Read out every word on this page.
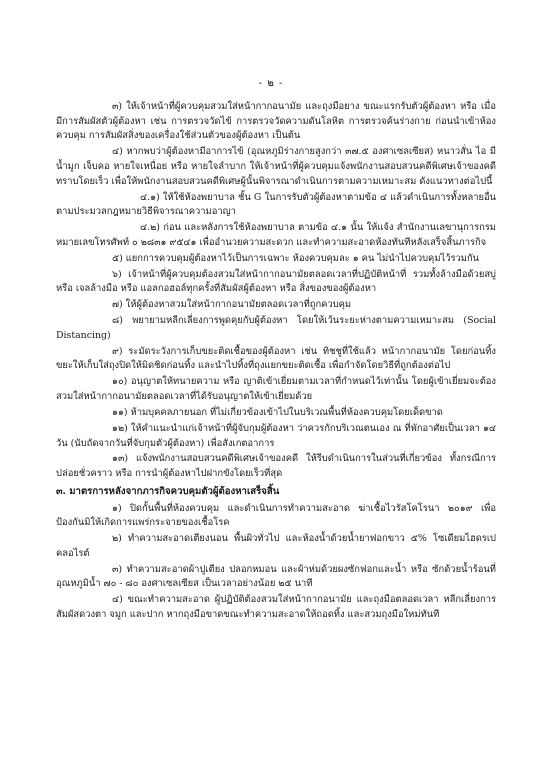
- ๒ -

๓) ให้เจ้าหน้าที่ผู้ควบคุมสวมใส่หน้ากากอนามัย และถุงมือยาง ขณะแรกรับตัวผู้ต้องหา หรือ เมื่อมีการสัมผัสตัวผู้ต้องหา เช่น การตรวจวัดไข้ การตรวจวัดความดันโลหิต การตรวจค้นร่างกาย ก่อนนำเข้าห้องควบคุม การสัมผัสสิ่งของเครื่องใช้ส่วนตัวของผู้ต้องหา เป็นต้น

๔) หากพบว่าผู้ต้องหามีอาการไข้ (อุณหภูมิร่างกายสูงกว่า ๓๗.๕ องศาเซลเซียส) หนาวสั่น ไอ มีน้ำมูก เจ็บคอ หายใจเหนื่อย หรือ หายใจลำบาก ให้เจ้าหน้าที่ผู้ควบคุมแจ้งพนักงานสอบสวนคดีพิเศษเจ้าของคดีทราบโดยเร็ว เพื่อให้พนักงานสอบสวนคดีพิเศษผู้นั้นพิจารณาดำเนินการตามความเหมาะสม ดังแนวทางต่อไปนี้

๔.๑) ให้ใช้ห้องพยาบาล ชั้น G ในการรับตัวผู้ต้องหาตามข้อ ๔ แล้วดำเนินการทั้งหลายอื่นตามประมวลกฎหมายวิธีพิจารณาความอาญา

๔.๒) ก่อน และหลังการใช้ห้องพยาบาล ตามข้อ ๔.๑ นั้น ให้แจ้ง สำนักงานเลขานุการกรม หมายเลขโทรศัพท์ ๐ ๒๘๓๑ ๙๕๔๑ เพื่ออำนวยความสะดวก และทำความสะอาดห้องทันทีหลังเสร็จสิ้นภารกิจ

๕) แยกการควบคุมผู้ต้องหาไว้เป็นการเฉพาะ ห้องควบคุมละ ๑ คน ไม่นำไปควบคุมไว้รวมกัน

๖) เจ้าหน้าที่ผู้ควบคุมต้องสวมใส่หน้ากากอนามัยตลอดเวลาที่ปฏิบัติหน้าที่ รวมทั้งล้างมือด้วยสบู่ หรือ เจลล้างมือ หรือ แอลกอฮอล์ทุกครั้งที่สัมผัสผู้ต้องหา หรือ สิ่งของของผู้ต้องหา

๗) ให้ผู้ต้องหาสวมใส่หน้ากากอนามัยตลอดเวลาที่ถูกควบคุม

๘) พยายามหลีกเลี่ยงการพูดคุยกับผู้ต้องหา โดยให้เว้นระยะห่างตามความเหมาะสม (Social Distancing)

๙) ระมัดระวังการเก็บขยะติดเชื้อของผู้ต้องหา เช่น ทิชชูที่ใช้แล้ว หน้ากากอนามัย โดยก่อนทิ้งขยะให้เก็บใส่ถุงปิดให้มิดชิดก่อนทิ้ง และนำไปทิ้งที่ถุงแยกขยะติดเชื้อ เพื่อกำจัดโดยวิธีที่ถูกต้องต่อไป

๑๐) อนุญาตให้ทนายความ หรือ ญาติเข้าเยี่ยมตามเวลาที่กำหนดไว้เท่านั้น โดยผู้เข้าเยี่ยมจะต้องสวมใส่หน้ากากอนามัยตลอดเวลาที่ได้รับอนุญาตให้เข้าเยี่ยมด้วย

๑๑) ห้ามบุคคลภายนอก ที่ไม่เกี่ยวข้องเข้าไปในบริเวณพื้นที่ห้องควบคุมโดยเด็ดขาด

๑๒) ให้คำแนะนำแก่เจ้าหน้าที่ผู้จับกุมผู้ต้องหา ว่าควรกักบริเวณตนเอง ณ ที่พักอาศัยเป็นเวลา ๑๔ วัน (นับถัดจากวันที่จับกุมตัวผู้ต้องหา) เพื่อสังเกตอาการ

๑๓) แจ้งพนักงานสอบสวนคดีพิเศษเจ้าของคดี ให้รีบดำเนินการในส่วนที่เกี่ยวข้อง ทั้งกรณีการปล่อยชั่วคราว หรือ การนำผู้ต้องหาไปฝากขังโดยเร็วที่สุด

๓. มาตรการหลังจากภารกิจควบคุมตัวผู้ต้องหาเสร็จสิ้น

๑) ปิดกั้นพื้นที่ห้องควบคุม และดำเนินการทำความสะอาด ฆ่าเชื้อไวรัสโคโรนา ๒๐๑๙ เพื่อป้องกันมิให้เกิดการแพร่กระจายของเชื้อโรค

๒) ทำความสะอาดเตียงนอน พื้นผิวทั่วไป และห้องน้ำด้วยน้ำยาฟอกขาว ๕% โซเดียมไฮดรเปคลอไรต์

๓) ทำความสะอาดผ้าปูเตียง ปลอกหมอน และผ้าห่มด้วยผงซักฟอกและน้ำ หรือ ซักด้วยน้ำร้อนที่อุณหภูมิน้ำ ๗๐ - ๘๐ องศาเซลเซียส เป็นเวลาอย่างน้อย ๒๕ นาที

๔) ขณะทำความสะอาด ผู้ปฏิบัติต้องสวมใส่หน้ากากอนามัย และถุงมือตลอดเวลา หลีกเลี่ยงการสัมผัสดวงตา จมูก และปาก หากถุงมือขาดขณะทำความสะอาดให้ถอดทิ้ง และสวมถุงมือใหม่ทันที
